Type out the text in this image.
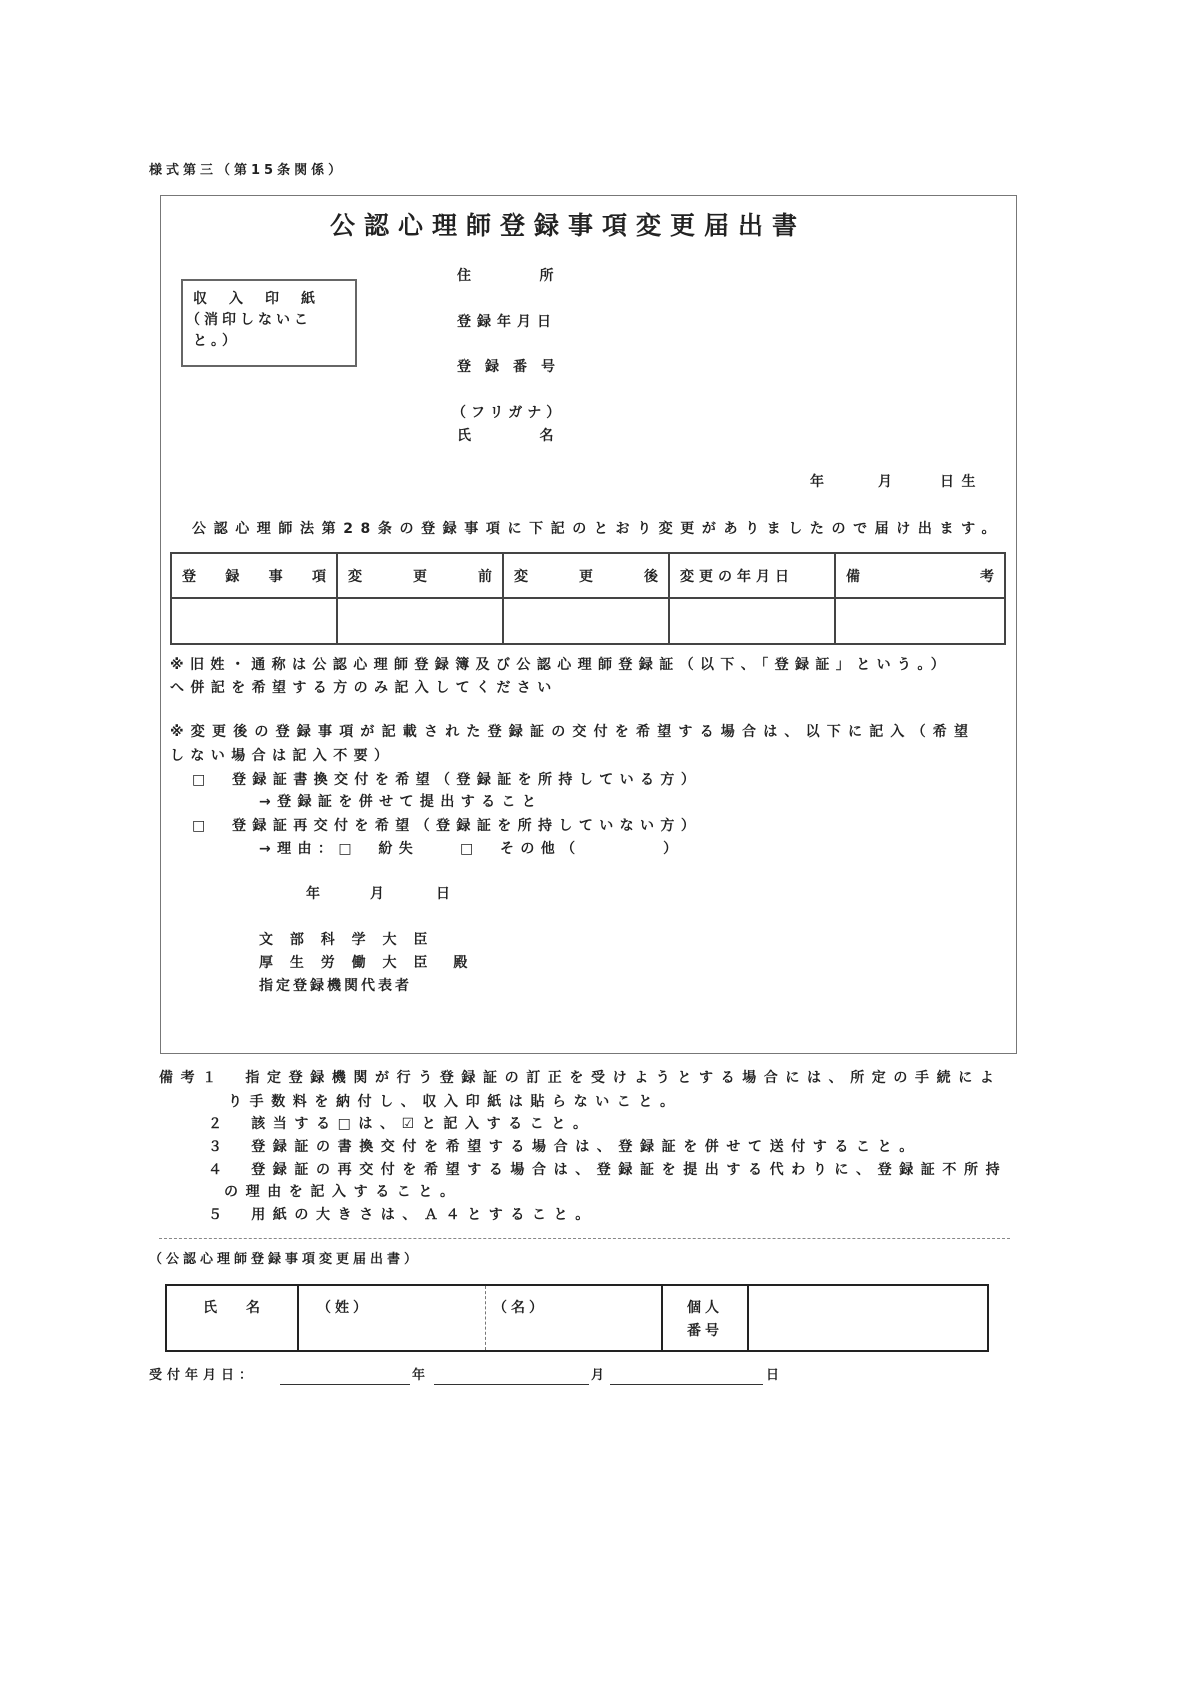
様式第三（第15条関係）
公認心理師登録事項変更届出書
収　入　印　紙
（消印しないこ
と。）
住	所
登録年月日
登録番号
（フリガナ）
氏	名
年	月	日生
公認心理師法第28条の登録事項に下記のとおり変更がありましたので届け出ます。
登 録 事 項	変 更 前	変 更 後	変更の年月日	備 考

※旧姓・通称は公認心理師登録簿及び公認心理師登録証（以下、「登録証」という。）
へ併記を希望する方のみ記入してください
※変更後の登録事項が記載された登録証の交付を希望する場合は、以下に記入（希望
しない場合は記入不要）
□　登録証書換交付を希望（登録証を所持している方）
→登録証を併せて提出すること
□　登録証再交付を希望（登録証を所持していない方）
→理由：□　紛失　　□　その他（　　　　）
年	月	日
文 部 科 学 大 臣
厚 生 労 働 大 臣　殿
指定登録機関代表者
備考１　指定登録機関が行う登録証の訂正を受けようとする場合には、所定の手続によ
り手数料を納付し、収入印紙は貼らないこと。
２　該当する□は、☑と記入すること。
３　登録証の書換交付を希望する場合は、登録証を併せて送付すること。
４　登録証の再交付を希望する場合は、登録証を提出する代わりに、登録証不所持
の理由を記入すること。
５　用紙の大きさは、Ａ４とすること。
（公認心理師登録事項変更届出書）
氏　名	（姓）	（名）	個人
番号
受付年月日：	年	月	日
